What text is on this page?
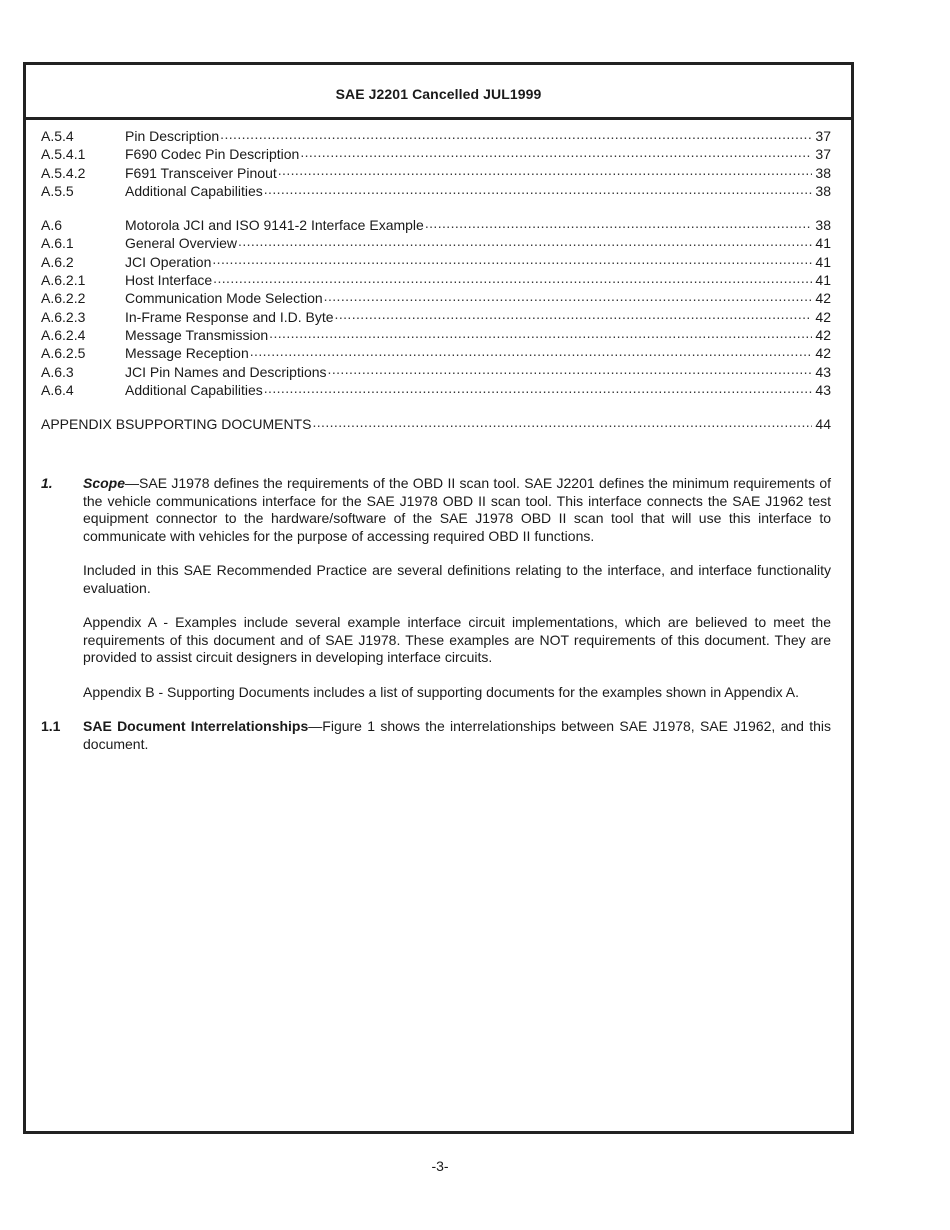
SAE J2201 Cancelled JUL1999
A.5.4	Pin Description .....	37
A.5.4.1	F690 Codec Pin Description .....	37
A.5.4.2	F691 Transceiver Pinout .....	38
A.5.5	Additional Capabilities .....	38
A.6	Motorola JCI and ISO 9141-2 Interface Example .....	38
A.6.1	General Overview .....	41
A.6.2	JCI Operation .....	41
A.6.2.1	Host Interface .....	41
A.6.2.2	Communication Mode Selection .....	42
A.6.2.3	In-Frame Response and I.D. Byte .....	42
A.6.2.4	Message Transmission .....	42
A.6.2.5	Message Reception .....	42
A.6.3	JCI Pin Names and Descriptions .....	43
A.6.4	Additional Capabilities .....	43
APPENDIX BSUPPORTING DOCUMENTS .....	44
1.	Scope—SAE J1978 defines the requirements of the OBD II scan tool. SAE J2201 defines the minimum requirements of the vehicle communications interface for the SAE J1978 OBD II scan tool. This interface connects the SAE J1962 test equipment connector to the hardware/software of the SAE J1978 OBD II scan tool that will use this interface to communicate with vehicles for the purpose of accessing required OBD II functions.

Included in this SAE Recommended Practice are several definitions relating to the interface, and interface functionality evaluation.

Appendix A - Examples include several example interface circuit implementations, which are believed to meet the requirements of this document and of SAE J1978. These examples are NOT requirements of this document. They are provided to assist circuit designers in developing interface circuits.

Appendix B - Supporting Documents includes a list of supporting documents for the examples shown in Appendix A.

1.1	SAE Document Interrelationships—Figure 1 shows the interrelationships between SAE J1978, SAE J1962, and this document.

-3-
